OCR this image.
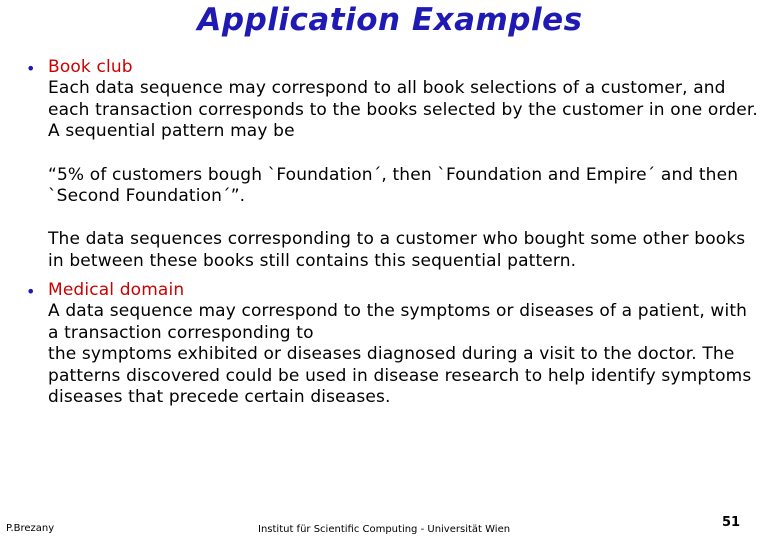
Application Examples
• Book club

Each data sequence may correspond to all book selections of a customer, and each transaction corresponds to the books selected by the customer in one order. A sequential pattern may be

“5% of customers bough `Foundation´, then `Foundation and Empire´ and then `Second Foundation´”.

The data sequences corresponding to a customer who bought some other books in between these books still contains this sequential pattern.

• Medical domain

A data sequence may correspond to the symptoms or diseases of a patient, with a transaction corresponding to

the symptoms exhibited or diseases diagnosed during a visit to the doctor. The patterns discovered could be used in disease research to help identify symptoms diseases that precede certain diseases.

P.Brezany	Institut für Scientific Computing - Universität Wien	51
